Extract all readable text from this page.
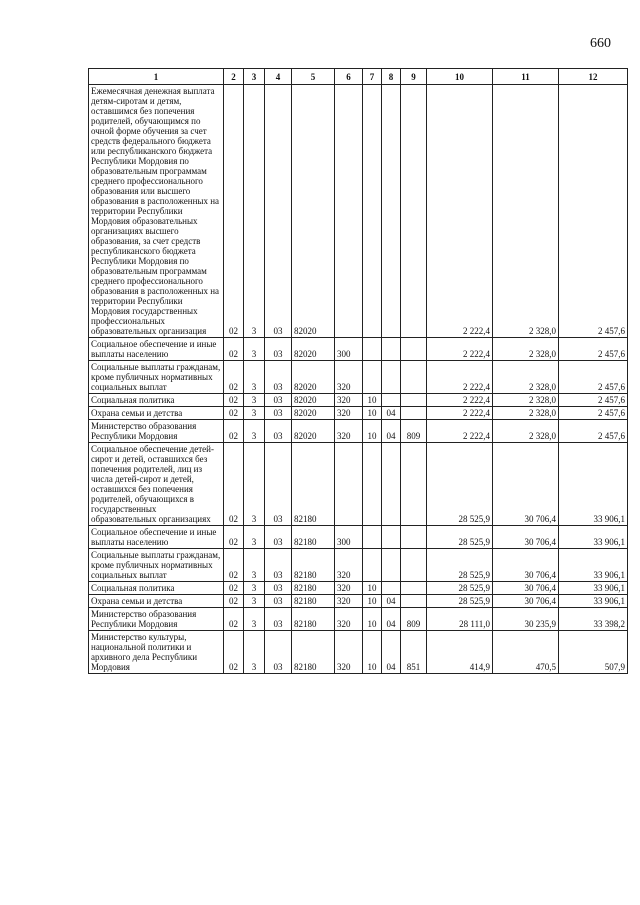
660
1	2	3	4	5	6	7	8	9	10	11	12
Ежемесячная денежная выплата детям-сиротам и детям, оставшимся без попечения родителей, обучающимся по очной форме обучения за счет средств федерального бюджета или республиканского бюджета Республики Мордовия по образовательным программам среднего профессионального образования или высшего образования в расположенных на территории Республики Мордовия образовательных организациях высшего образования, за счет средств республиканского бюджета Республики Мордовия по образовательным программам среднего профессионального образования в расположенных на территории Республики Мордовия государственных профессиональных образовательных организация	02	3	03	82020					2 222,4	2 328,0	2 457,6
Социальное обеспечение и иные выплаты населению	02	3	03	82020	300				2 222,4	2 328,0	2 457,6
Социальные выплаты гражданам, кроме публичных нормативных социальных выплат	02	3	03	82020	320				2 222,4	2 328,0	2 457,6
Социальная политика	02	3	03	82020	320	10			2 222,4	2 328,0	2 457,6
Охрана семьи и детства	02	3	03	82020	320	10	04		2 222,4	2 328,0	2 457,6
Министерство образования Республики Мордовия	02	3	03	82020	320	10	04	809	2 222,4	2 328,0	2 457,6
Социальное обеспечение детей-сирот и детей, оставшихся без попечения родителей, лиц из числа детей-сирот и детей, оставшихся без попечения родителей, обучающихся в государственных образовательных организациях	02	3	03	82180					28 525,9	30 706,4	33 906,1
Социальное обеспечение и иные выплаты населению	02	3	03	82180	300				28 525,9	30 706,4	33 906,1
Социальные выплаты гражданам, кроме публичных нормативных социальных выплат	02	3	03	82180	320				28 525,9	30 706,4	33 906,1
Социальная политика	02	3	03	82180	320	10			28 525,9	30 706,4	33 906,1
Охрана семьи и детства	02	3	03	82180	320	10	04		28 525,9	30 706,4	33 906,1
Министерство образования Республики Мордовия	02	3	03	82180	320	10	04	809	28 111,0	30 235,9	33 398,2
Министерство культуры, национальной политики и архивного дела Республики Мордовия	02	3	03	82180	320	10	04	851	414,9	470,5	507,9
